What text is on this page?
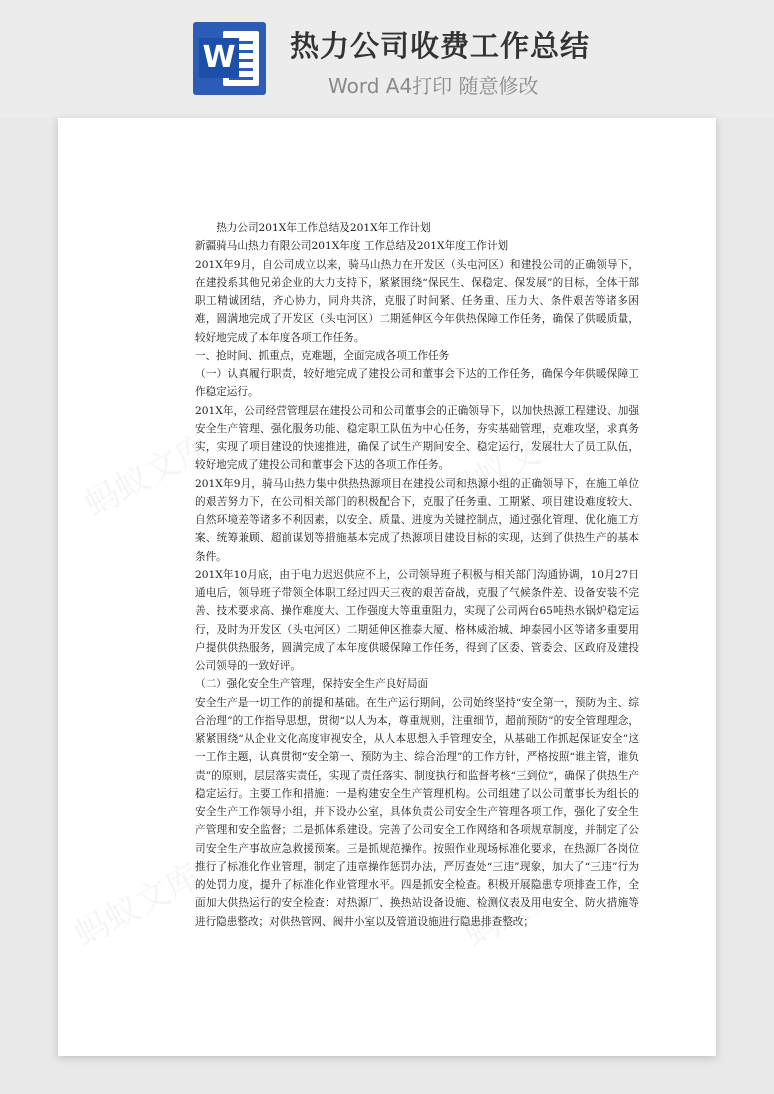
W 热力公司收费工作总结
Word A4打印 随意修改

热力公司201X年工作总结及201X年工作计划

新疆骑马山热力有限公司201X年度 工作总结及201X年度工作计划

201X年9月，自公司成立以来，骑马山热力在开发区（头屯河区）和建投公司的正确领导下，在建投系其他兄弟企业的大力支持下，紧紧围绕“保民生、保稳定、保发展”的目标，全体干部职工精诚团结，齐心协力，同舟共济，克服了时间紧、任务重、压力大、条件艰苦等诸多困难，圆满地完成了开发区（头屯河区）二期延伸区今年供热保障工作任务，确保了供暖质量，较好地完成了本年度各项工作任务。

一、抢时间、抓重点，克难题，全面完成各项工作任务

（一）认真履行职责，较好地完成了建投公司和董事会下达的工作任务，确保今年供暖保障工作稳定运行。

201X年，公司经营管理层在建投公司和公司董事会的正确领导下，以加快热源工程建设、加强安全生产管理、强化服务功能、稳定职工队伍为中心任务，夯实基础管理，克难攻坚，求真务实，实现了项目建设的快速推进，确保了试生产期间安全、稳定运行，发展壮大了员工队伍，较好地完成了建投公司和董事会下达的各项工作任务。

201X年9月，骑马山热力集中供热热源项目在建投公司和热源小组的正确领导下，在施工单位的艰苦努力下，在公司相关部门的积极配合下，克服了任务重、工期紧、项目建设难度较大、自然环境差等诸多不利因素，以安全、质量、进度为关键控制点，通过强化管理、优化施工方案、统筹兼顾、超前谋划等措施基本完成了热源项目建设目标的实现，达到了供热生产的基本条件。

201X年10月底，由于电力迟迟供应不上，公司领导班子积极与相关部门沟通协调，10月27日通电后，领导班子带领全体职工经过四天三夜的艰苦奋战，克服了气候条件差、设备安装不完善、技术要求高、操作难度大、工作强度大等重重阻力，实现了公司两台65吨热水锅炉稳定运行，及时为开发区（头屯河区）二期延伸区推泰大厦、格林威治城、坤泰园小区等诸多重要用户提供供热服务，圆满完成了本年度供暖保障工作任务，得到了区委、管委会、区政府及建投公司领导的一致好评。

（二）强化安全生产管理，保持安全生产良好局面

安全生产是一切工作的前提和基础。在生产运行期间，公司始终坚持“安全第一，预防为主、综合治理”的工作指导思想，贯彻“以人为本，尊重规则，注重细节，超前预防”的安全管理理念，紧紧围绕“从企业文化高度审视安全，从人本思想入手管理安全，从基础工作抓起保证安全”这一工作主题，认真贯彻“安全第一、预防为主、综合治理”的工作方针，严格按照“谁主管，谁负责”的原则，层层落实责任，实现了责任落实、制度执行和监督考核“三到位”，确保了供热生产稳定运行。主要工作和措施：一是构建安全生产管理机构。公司组建了以公司董事长为组长的安全生产工作领导小组，并下设办公室，具体负责公司安全生产管理各项工作，强化了安全生产管理和安全监督；二是抓体系建设。完善了公司安全工作网络和各项规章制度，并制定了公司安全生产事故应急救援预案。三是抓规范操作。按照作业现场标准化要求，在热源厂各岗位推行了标准化作业管理，制定了违章操作惩罚办法，严厉查处“三违”现象，加大了“三违”行为的处罚力度，提升了标准化作业管理水平。四是抓安全检查。积极开展隐患专项排查工作，全面加大供热运行的安全检查：对热源厂、换热站设备设施、检测仪表及用电安全、防火措施等进行隐患整改；对供热管网、阀井小室以及管道设施进行隐患排查整改；
